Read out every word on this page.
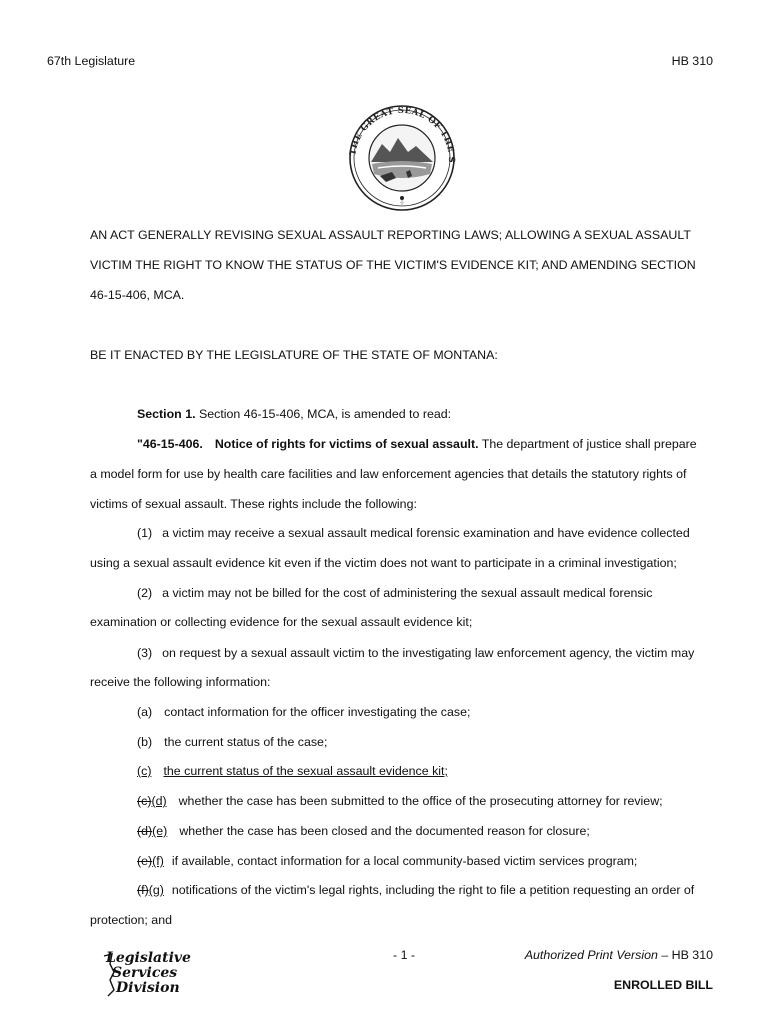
67th Legislature	HB 310
THE GREAT SEAL OF THE S
·|·
AN ACT GENERALLY REVISING SEXUAL ASSAULT REPORTING LAWS; ALLOWING A SEXUAL ASSAULT
VICTIM THE RIGHT TO KNOW THE STATUS OF THE VICTIM'S EVIDENCE KIT; AND AMENDING SECTION
46-15-406, MCA.
BE IT ENACTED BY THE LEGISLATURE OF THE STATE OF MONTANA:
Section 1. Section 46-15-406, MCA, is amended to read:
"46-15-406. Notice of rights for victims of sexual assault. The department of justice shall prepare
a model form for use by health care facilities and law enforcement agencies that details the statutory rights of
victims of sexual assault. These rights include the following:
(1) a victim may receive a sexual assault medical forensic examination and have evidence collected
using a sexual assault evidence kit even if the victim does not want to participate in a criminal investigation;
(2) a victim may not be billed for the cost of administering the sexual assault medical forensic
examination or collecting evidence for the sexual assault evidence kit;
(3) on request by a sexual assault victim to the investigating law enforcement agency, the victim may
receive the following information:
(a) contact information for the officer investigating the case;
(b) the current status of the case;
(c) the current status of the sexual assault evidence kit;
(c)(d) whether the case has been submitted to the office of the prosecuting attorney for review;
(d)(e) whether the case has been closed and the documented reason for closure;
(e)(f) if available, contact information for a local community-based victim services program;
(f)(g) notifications of the victim's legal rights, including the right to file a petition requesting an order of
protection; and
Legislative
Services
Division
- 1 -	Authorized Print Version – HB 310
ENROLLED BILL
